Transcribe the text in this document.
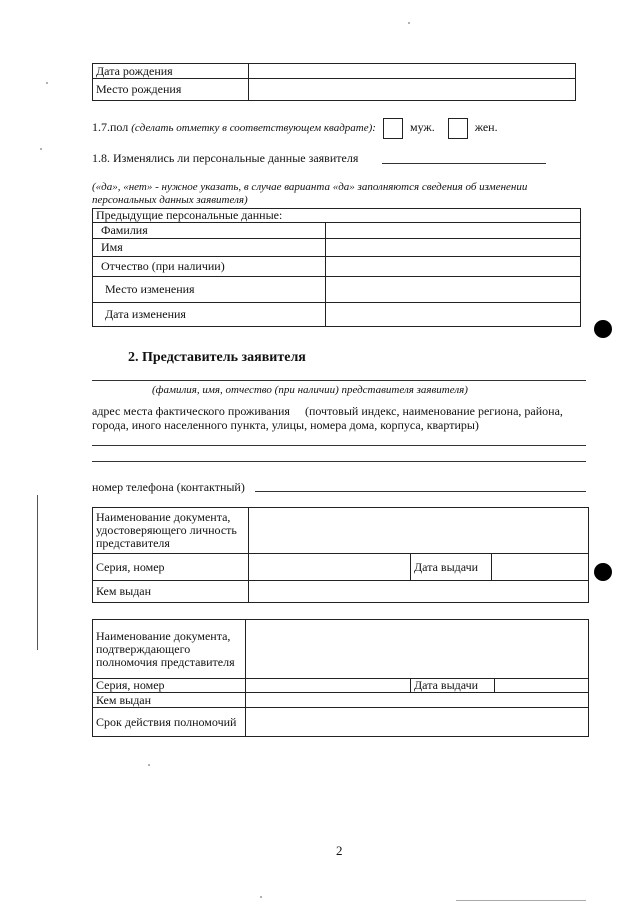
Дата рождения	
Место рождения	
1.7.пол (сделать отметку в соответствующем квадрате):	муж.	жен.
1.8. Изменялись ли персональные данные заявителя
(«да», «нет» - нужное указать, в случае варианта «да» заполняются сведения об изменении персональных данных заявителя)
Предыдущие персональные данные:	
Фамилия	
Имя	
Отчество (при наличии)	
Место изменения	
Дата изменения	
2. Представитель заявителя
(фамилия, имя, отчество (при наличии) представителя заявителя)
адрес места фактического проживания     (почтовый индекс, наименование региона, района, города, иного населенного пункта, улицы, номера дома, корпуса, квартиры)
номер телефона (контактный)
Наименование документа, удостоверяющего личность представителя			
Серия, номер		Дата выдачи	
Кем выдан			
Наименование документа, подтверждающего полномочия представителя			
Серия, номер		Дата выдачи	
Кем выдан			
Срок действия полномочий			
2
